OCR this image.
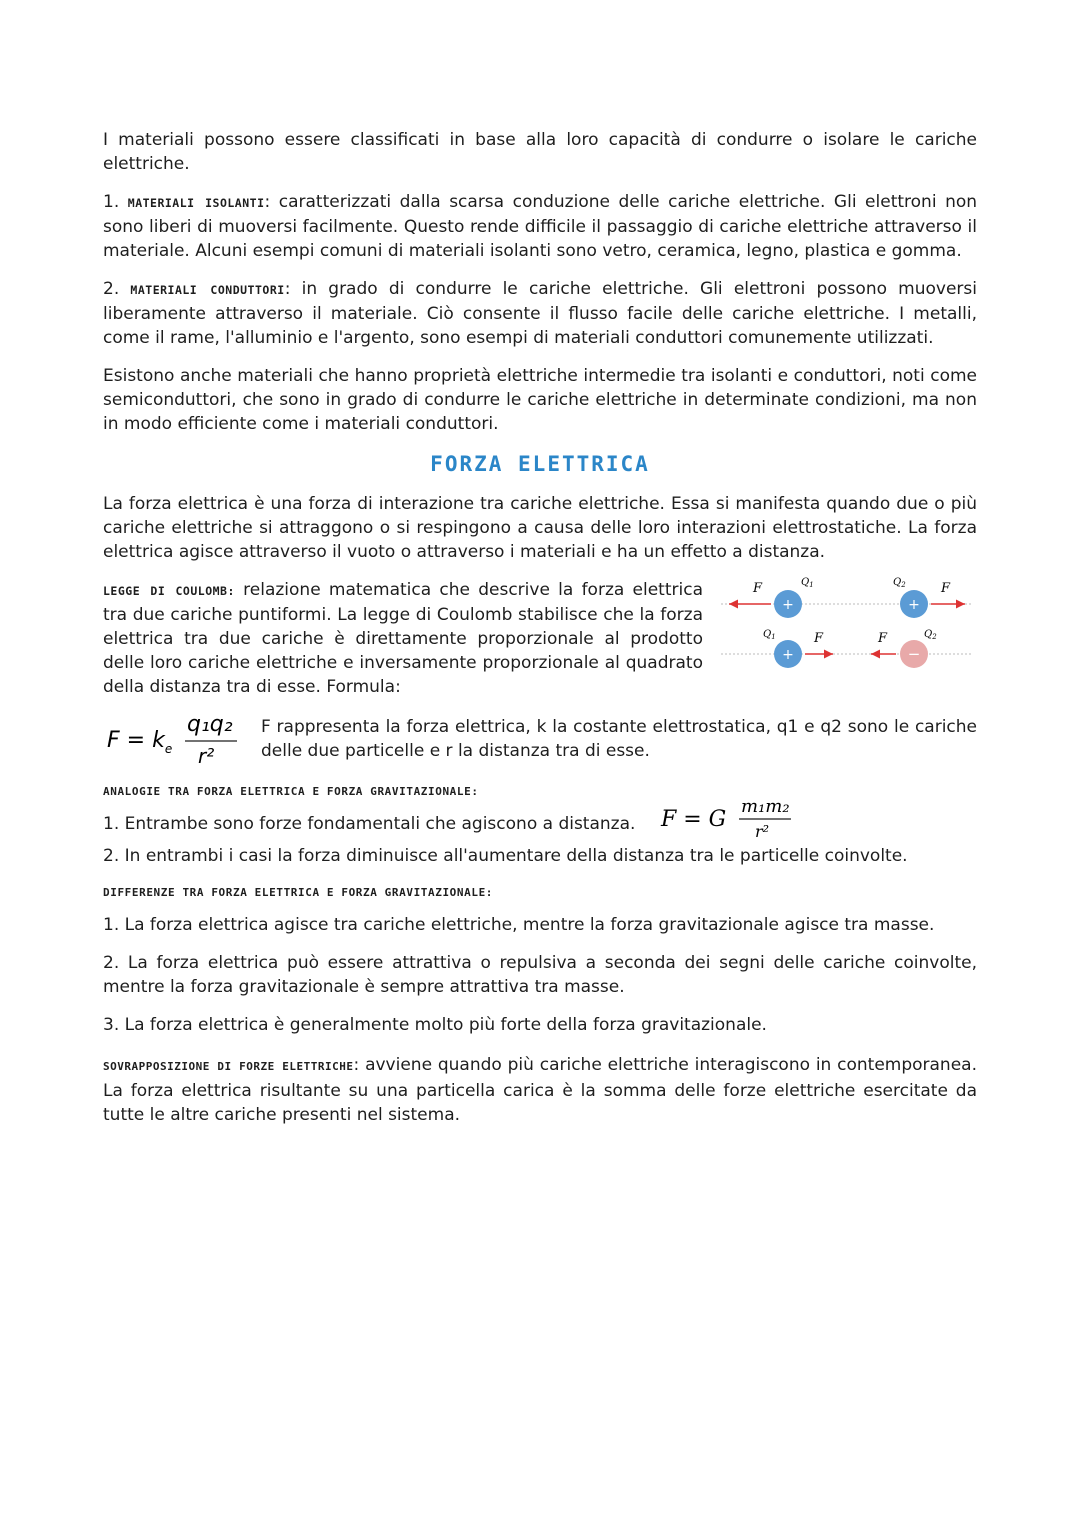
I materiali possono essere classificati in base alla loro capacità di condurre o isolare le cariche elettriche.

1. MATERIALI ISOLANTI: caratterizzati dalla scarsa conduzione delle cariche elettriche. Gli elettroni non sono liberi di muoversi facilmente. Questo rende difficile il passaggio di cariche elettriche attraverso il materiale. Alcuni esempi comuni di materiali isolanti sono vetro, ceramica, legno, plastica e gomma.

2. MATERIALI CONDUTTORI: in grado di condurre le cariche elettriche. Gli elettroni possono muoversi liberamente attraverso il materiale. Ciò consente il flusso facile delle cariche elettriche. I metalli, come il rame, l'alluminio e l'argento, sono esempi di materiali conduttori comunemente utilizzati.

Esistono anche materiali che hanno proprietà elettriche intermedie tra isolanti e conduttori, noti come semiconduttori, che sono in grado di condurre le cariche elettriche in determinate condizioni, ma non in modo efficiente come i materiali conduttori.

FORZA ELETTRICA

La forza elettrica è una forza di interazione tra cariche elettriche. Essa si manifesta quando due o più cariche elettriche si attraggono o si respingono a causa delle loro interazioni elettrostatiche. La forza elettrica agisce attraverso il vuoto o attraverso i materiali e ha un effetto a distanza.

LEGGE DI COULOMB: relazione matematica che descrive la forza elettrica tra due cariche puntiformi. La legge di Coulomb stabilisce che la forza elettrica tra due cariche è direttamente proporzionale al prodotto delle loro cariche elettriche e inversamente proporzionale al quadrato della distanza tra di esse. Formula:

+
F	$Q_1$
+
F
$Q_2$
$Q_1$
+
F	F
−
$Q_2$
$F = k_e$
q₁q₂
r²

F rappresenta la forza elettrica, k la costante elettrostatica, q1 e q2 sono le cariche delle due particelle e r la distanza tra di esse.

ANALOGIE TRA FORZA ELETTRICA E FORZA GRAVITAZIONALE:

1. Entrambe sono forze fondamentali che agiscono a distanza. F = G
m₁m₂
r²

2. In entrambi i casi la forza diminuisce all'aumentare della distanza tra le particelle coinvolte.

DIFFERENZE TRA FORZA ELETTRICA E FORZA GRAVITAZIONALE:

1. La forza elettrica agisce tra cariche elettriche, mentre la forza gravitazionale agisce tra masse.

2. La forza elettrica può essere attrattiva o repulsiva a seconda dei segni delle cariche coinvolte, mentre la forza gravitazionale è sempre attrattiva tra masse.

3. La forza elettrica è generalmente molto più forte della forza gravitazionale.

SOVRAPPOSIZIONE DI FORZE ELETTRICHE: avviene quando più cariche elettriche interagiscono in contemporanea. La forza elettrica risultante su una particella carica è la somma delle forze elettriche esercitate da tutte le altre cariche presenti nel sistema.
